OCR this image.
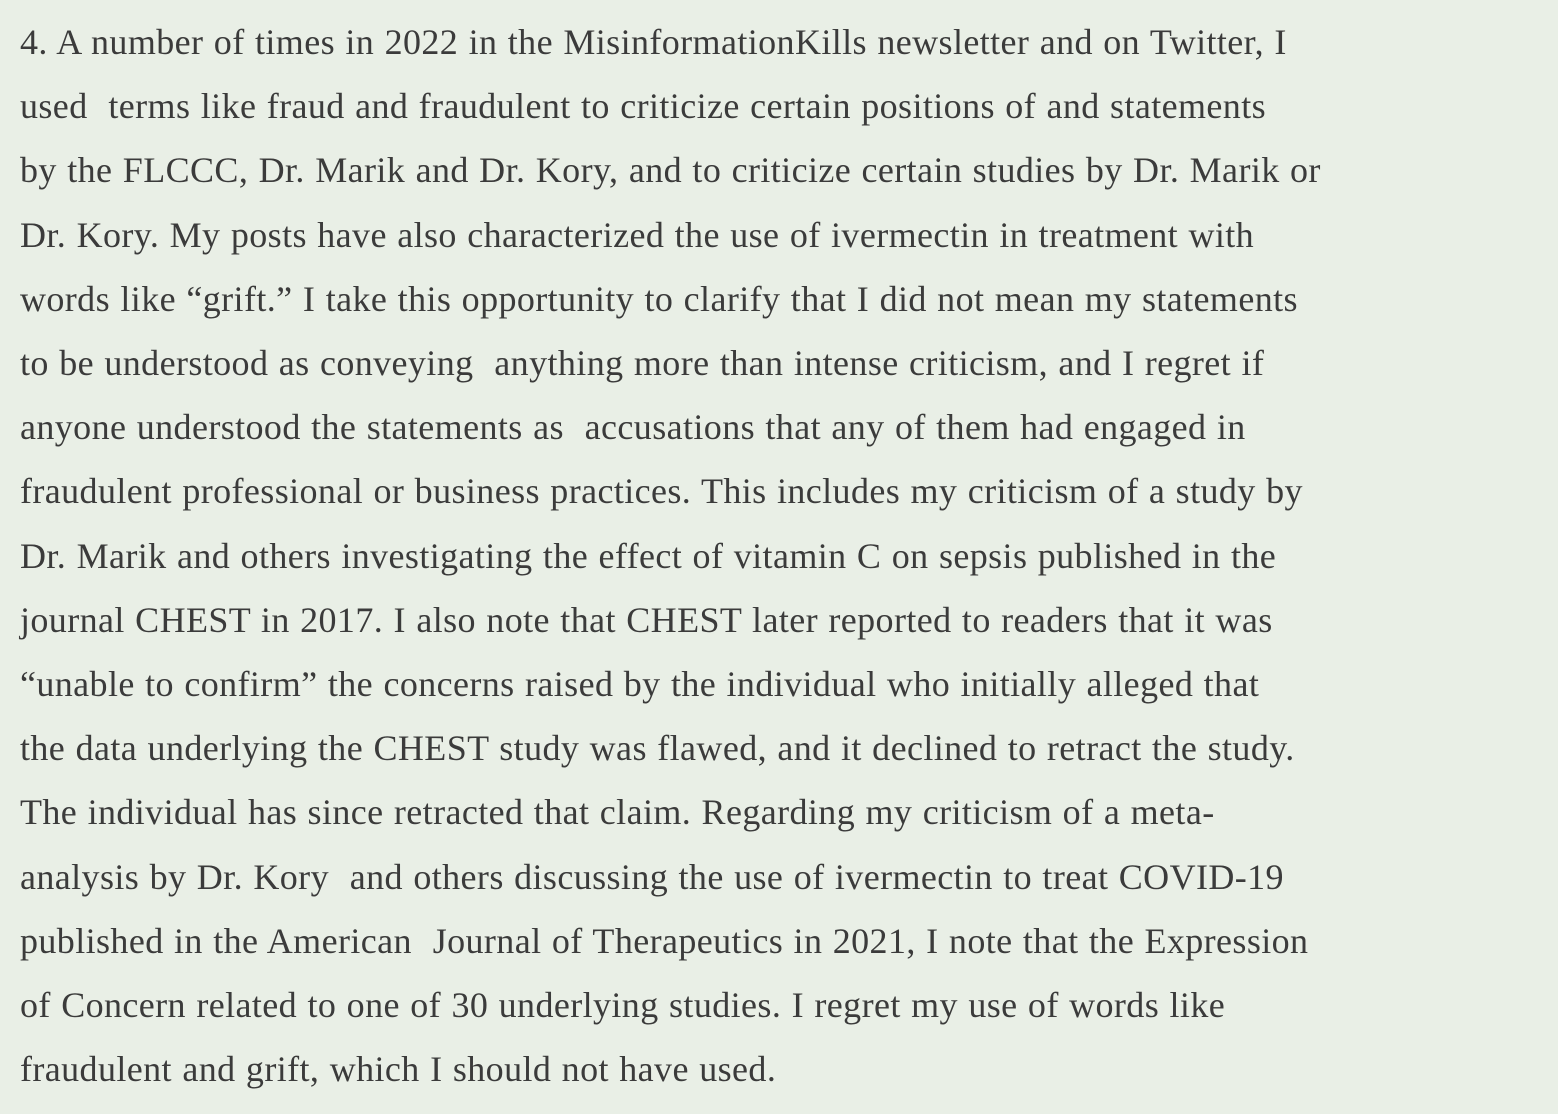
4. A number of times in 2022 in the MisinformationKills newsletter and on Twitter, I
used  terms like fraud and fraudulent to criticize certain positions of and statements
by the FLCCC, Dr. Marik and Dr. Kory, and to criticize certain studies by Dr. Marik or
Dr. Kory. My posts have also characterized the use of ivermectin in treatment with
words like “grift.” I take this opportunity to clarify that I did not mean my statements
to be understood as conveying  anything more than intense criticism, and I regret if
anyone understood the statements as  accusations that any of them had engaged in
fraudulent professional or business practices. This includes my criticism of a study by
Dr. Marik and others investigating the effect of vitamin C on sepsis published in the
journal CHEST in 2017. I also note that CHEST later reported to readers that it was
“unable to confirm” the concerns raised by the individual who initially alleged that
the data underlying the CHEST study was flawed, and it declined to retract the study.
The individual has since retracted that claim. Regarding my criticism of a meta-
analysis by Dr. Kory  and others discussing the use of ivermectin to treat COVID-19
published in the American  Journal of Therapeutics in 2021, I note that the Expression
of Concern related to one of 30 underlying studies. I regret my use of words like
fraudulent and grift, which I should not have used.
